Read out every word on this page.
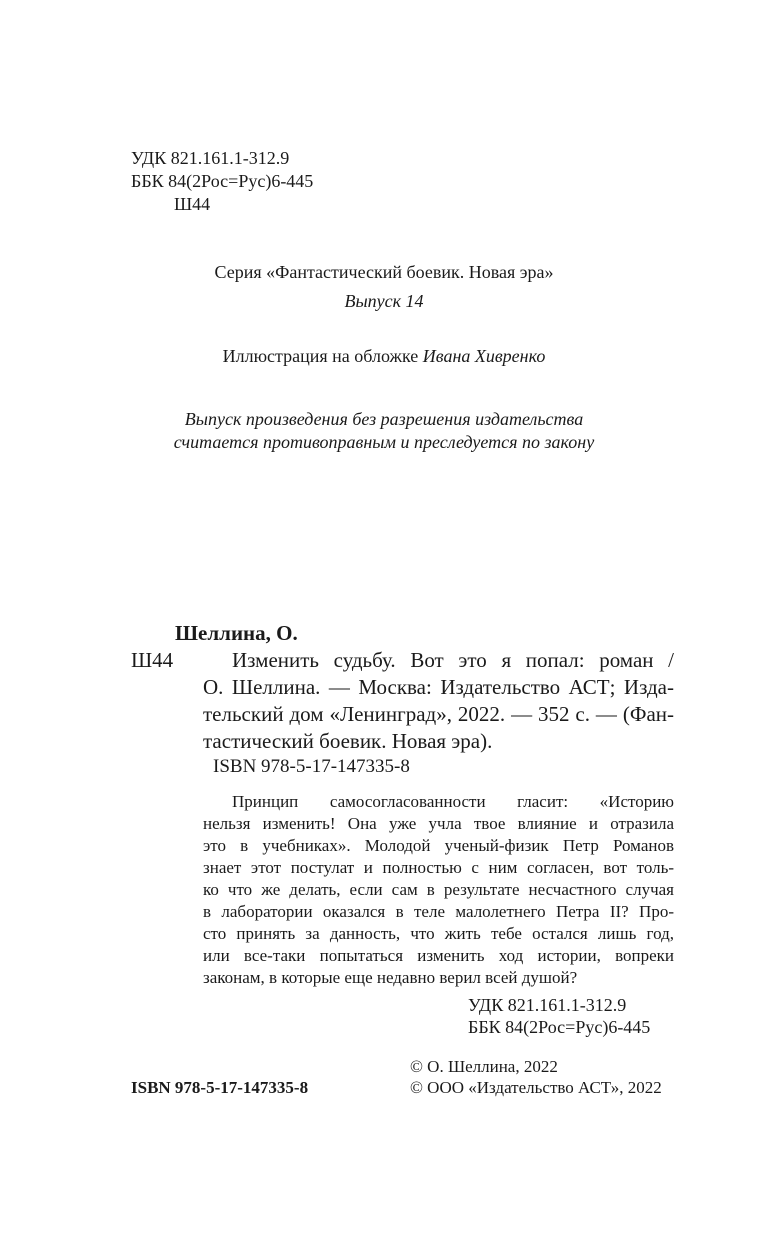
УДК 821.161.1-312.9
ББК 84(2Рос=Рус)6-445
Ш44
Серия «Фантастический боевик. Новая эра»
Выпуск 14
Иллюстрация на обложке Ивана Хивренко
Выпуск произведения без разрешения издательства
считается противоправным и преследуется по закону
Шеллина, О.
Ш44	Изменить судьбу. Вот это я попал: роман /
О. Шеллина. — Москва: Издательство АСТ; Изда-
тельский дом «Ленинград», 2022. — 352 с. — (Фан-
тастический боевик. Новая эра).
ISBN 978-5-17-147335-8
Принцип самосогласованности гласит: «Историю
нельзя изменить! Она уже учла твое влияние и отразила
это в учебниках». Молодой ученый-физик Петр Романов
знает этот постулат и полностью с ним согласен, вот толь-
ко что же делать, если сам в результате несчастного случая
в лаборатории оказался в теле малолетнего Петра II? Про-
сто принять за данность, что жить тебе остался лишь год,
или все-таки попытаться изменить ход истории, вопреки
законам, в которые еще недавно верил всей душой?
УДК 821.161.1-312.9
ББК 84(2Рос=Рус)6-445
ISBN 978-5-17-147335-8
© О. Шеллина, 2022
© ООО «Издательство АСТ», 2022
